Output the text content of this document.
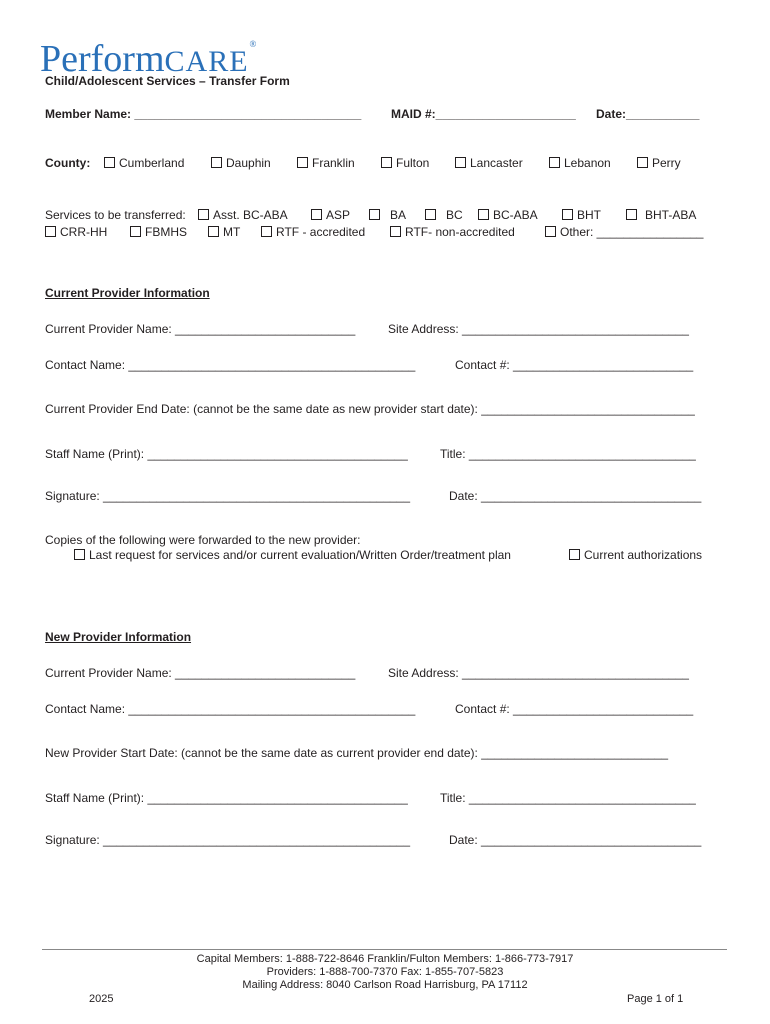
PerformCARE®
Child/Adolescent Services – Transfer Form
Member Name: __________________________________ MAID #:_____________________ Date:___________
County:	Cumberland	Dauphin	Franklin	Fulton	Lancaster	Lebanon	Perry
Services to be transferred:	Asst. BC-ABA	ASP	BA	BC	BC-ABA	BHT	BHT-ABA
CRR-HH	FBMHS	MT	RTF - accredited	RTF- non-accredited	Other: ________________
Current Provider Information
Current Provider Name: ___________________________	Site Address: __________________________________
Contact Name: ___________________________________________	Contact #: ___________________________
Current Provider End Date: (cannot be the same date as new provider start date): ________________________________
Staff Name (Print): _______________________________________	Title: __________________________________
Signature: ______________________________________________	Date: _________________________________
Copies of the following were forwarded to the new provider:
Last request for services and/or current evaluation/Written Order/treatment plan	Current authorizations
New Provider Information
Current Provider Name: ___________________________	Site Address: __________________________________
Contact Name: ___________________________________________	Contact #: ___________________________
New Provider Start Date: (cannot be the same date as current provider end date): ____________________________
Staff Name (Print): _______________________________________	Title: __________________________________
Signature: ______________________________________________	Date: _________________________________
Capital Members: 1-888-722-8646 Franklin/Fulton Members: 1-866-773-7917
Providers: 1-888-700-7370 Fax: 1-855-707-5823
Mailing Address: 8040 Carlson Road Harrisburg, PA 17112
2025	Page 1 of 1
